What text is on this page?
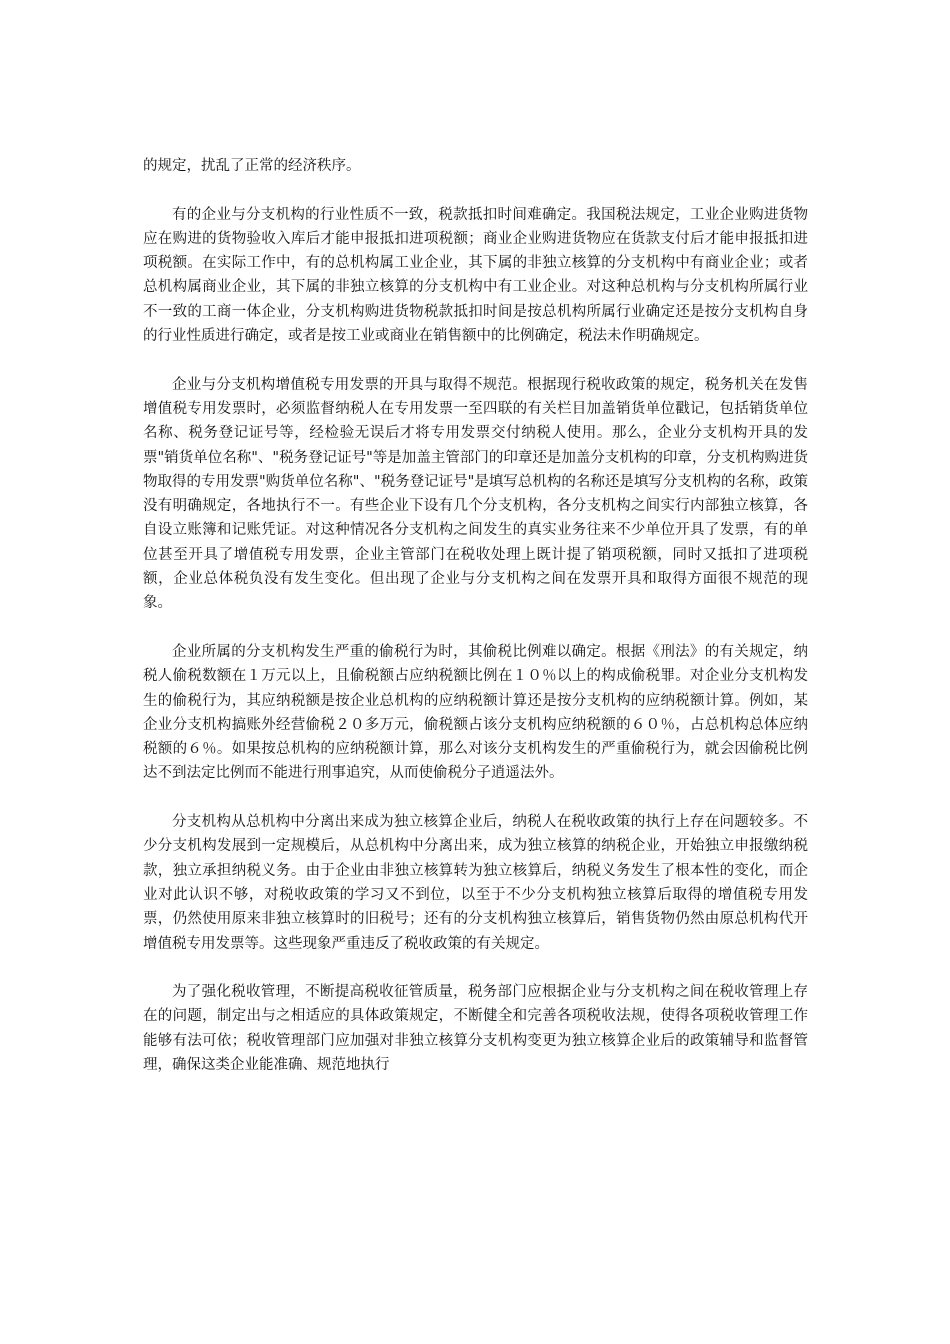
的规定，扰乱了正常的经济秩序。

有的企业与分支机构的行业性质不一致，税款抵扣时间难确定。我国税法规定，工业企业购进货物应在购进的货物验收入库后才能申报抵扣进项税额；商业企业购进货物应在货款支付后才能申报抵扣进项税额。在实际工作中，有的总机构属工业企业，其下属的非独立核算的分支机构中有商业企业；或者总机构属商业企业，其下属的非独立核算的分支机构中有工业企业。对这种总机构与分支机构所属行业不一致的工商一体企业，分支机构购进货物税款抵扣时间是按总机构所属行业确定还是按分支机构自身的行业性质进行确定，或者是按工业或商业在销售额中的比例确定，税法未作明确规定。

企业与分支机构增值税专用发票的开具与取得不规范。根据现行税收政策的规定，税务机关在发售增值税专用发票时，必须监督纳税人在专用发票一至四联的有关栏目加盖销货单位戳记，包括销货单位名称、税务登记证号等，经检验无误后才将专用发票交付纳税人使用。那么，企业分支机构开具的发票"销货单位名称"、"税务登记证号"等是加盖主管部门的印章还是加盖分支机构的印章，分支机构购进货物取得的专用发票"购货单位名称"、"税务登记证号"是填写总机构的名称还是填写分支机构的名称，政策没有明确规定，各地执行不一。有些企业下设有几个分支机构，各分支机构之间实行内部独立核算，各自设立账簿和记账凭证。对这种情况各分支机构之间发生的真实业务往来不少单位开具了发票，有的单位甚至开具了增值税专用发票，企业主管部门在税收处理上既计提了销项税额，同时又抵扣了进项税额，企业总体税负没有发生变化。但出现了企业与分支机构之间在发票开具和取得方面很不规范的现象。

企业所属的分支机构发生严重的偷税行为时，其偷税比例难以确定。根据《刑法》的有关规定，纳税人偷税数额在１万元以上，且偷税额占应纳税额比例在１０％以上的构成偷税罪。对企业分支机构发生的偷税行为，其应纳税额是按企业总机构的应纳税额计算还是按分支机构的应纳税额计算。例如，某企业分支机构搞账外经营偷税２０多万元，偷税额占该分支机构应纳税额的６０％，占总机构总体应纳税额的６％。如果按总机构的应纳税额计算，那么对该分支机构发生的严重偷税行为，就会因偷税比例达不到法定比例而不能进行刑事追究，从而使偷税分子逍遥法外。

分支机构从总机构中分离出来成为独立核算企业后，纳税人在税收政策的执行上存在问题较多。不少分支机构发展到一定规模后，从总机构中分离出来，成为独立核算的纳税企业，开始独立申报缴纳税款，独立承担纳税义务。由于企业由非独立核算转为独立核算后，纳税义务发生了根本性的变化，而企业对此认识不够，对税收政策的学习又不到位，以至于不少分支机构独立核算后取得的增值税专用发票，仍然使用原来非独立核算时的旧税号；还有的分支机构独立核算后，销售货物仍然由原总机构代开增值税专用发票等。这些现象严重违反了税收政策的有关规定。

为了强化税收管理，不断提高税收征管质量，税务部门应根据企业与分支机构之间在税收管理上存在的问题，制定出与之相适应的具体政策规定，不断健全和完善各项税收法规，使得各项税收管理工作能够有法可依；税收管理部门应加强对非独立核算分支机构变更为独立核算企业后的政策辅导和监督管理，确保这类企业能准确、规范地执行
